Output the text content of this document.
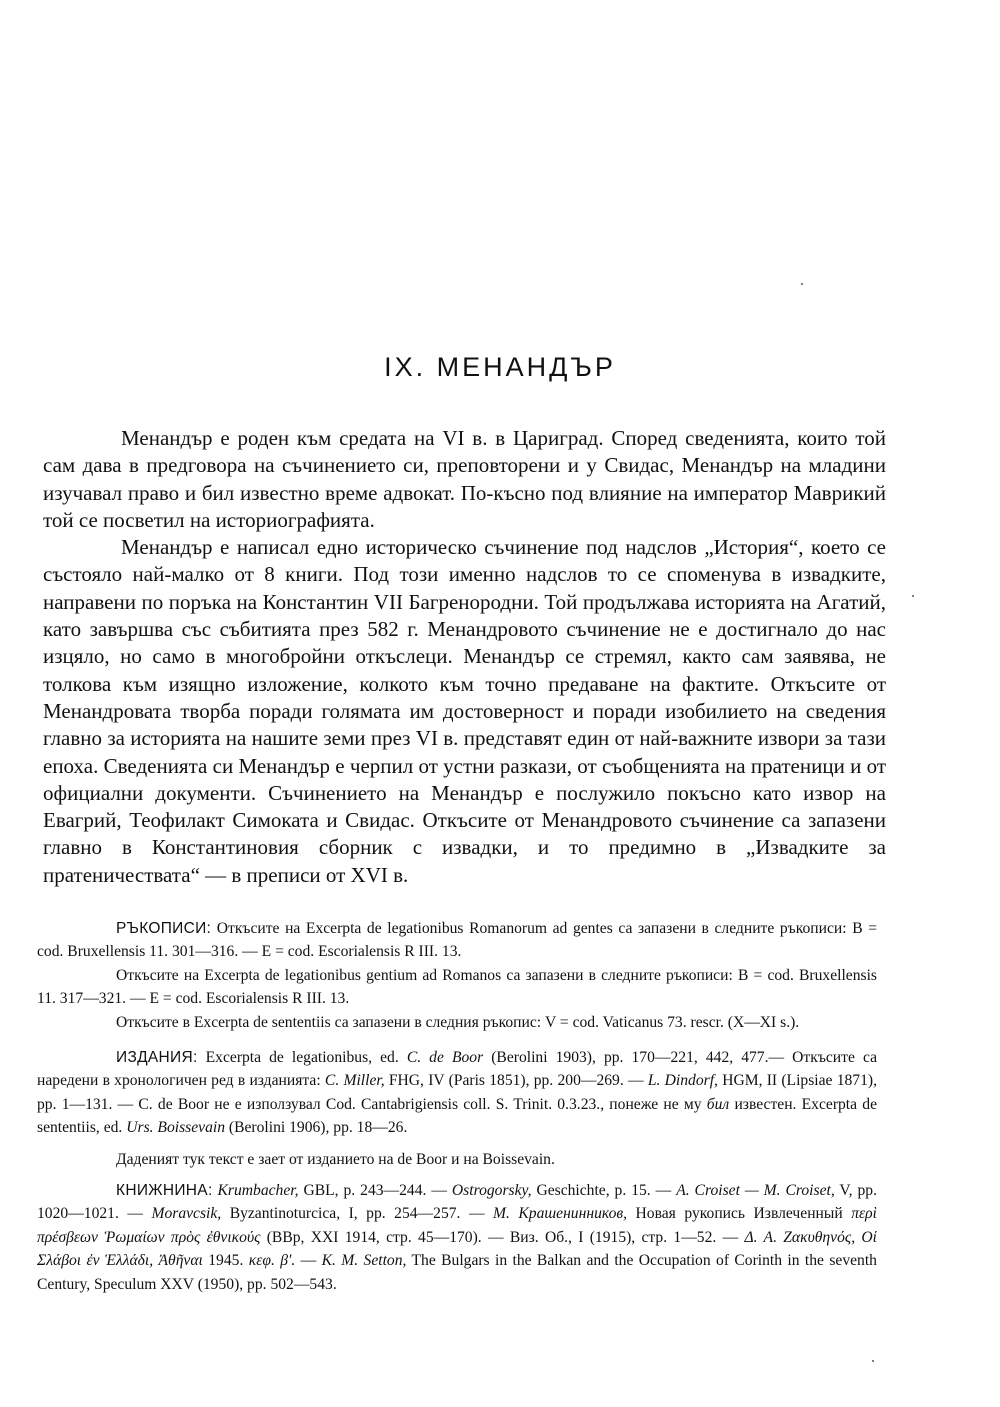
IX. МЕНАНДЪР

Менандър е роден към средата на VI в. в Цариград. Според сведенията, които той сам дава в предговора на съчинението си, преповторени и у Свидас, Менандър на младини изучавал право и бил известно време адвокат. По-късно под влияние на император Маврикий той се посветил на историографията.

Менандър е написал едно историческо съчинение под надслов „История“, което се състояло най-малко от 8 книги. Под този именно надслов то се споменува в извадките, направени по поръка на Константин VII Багренородни. Той продължава историята на Агатий, като завършва със събитията през 582 г. Менандровото съчинение не е достигнало до нас изцяло, но само в многобройни откъслеци. Менандър се стремял, както сам заявява, не толкова към изящно изложение, колкото към точно предаване на фактите. Откъсите от Менандровата творба поради голямата им достоверност и поради изобилието на сведения главно за историята на нашите земи през VI в. представят един от най-важните извори за тази епоха. Сведенията си Менандър е черпил от устни разкази, от съобщенията на пратеници и от официални документи. Съчинението на Менандър е послужило покъсно като извор на Евагрий, Теофилакт Симоката и Свидас. Откъсите от Менандровото съчинение са запазени главно в Константиновия сборник с извадки, и то предимно в „Извадките за пратеничествата“ — в преписи от XVI в.

РЪКОПИСИ: Откъсите на Excerpta de legationibus Romanorum ad gentes са запазени в следните ръкописи: B = cod. Bruxellensis 11. 301—316. — E = cod. Escorialensis R III. 13.

Откъсите на Excerpta de legationibus gentium ad Romanos са запазени в следните ръкописи: B = cod. Bruxellensis 11. 317—321. — E = cod. Escorialensis R III. 13.

Откъсите в Excerpta de sententiis са запазени в следния ръкопис: V = cod. Vaticanus 73. rescr. (X—XI s.).

ИЗДАНИЯ: Excerpta de legationibus, ed. C. de Boor (Berolini 1903), pp. 170—221, 442, 477.— Откъсите са наредени в хронологичен ред в изданията: C. Miller, FHG, IV (Paris 1851), pp. 200—269. — L. Dindorf, HGM, II (Lipsiae 1871), pp. 1—131. — C. de Boor не е използувал Cod. Cantabrigiensis coll. S. Trinit. 0.3.23., понеже не му бил известен. Excerpta de sententiis, ed. Urs. Boissevain (Berolini 1906), pp. 18—26.

Даденият тук текст е зает от изданието на de Boor и на Boissevain.

КНИЖНИНА: Krumbacher, GBL, p. 243—244. — Ostrogorsky, Geschichte, p. 15. — A. Croiset — M. Croiset, V, pp. 1020—1021. — Moravcsik, Byzantinoturcica, I, pp. 254—257. — М. Крашенинников, Новая рукопись Извлеченный περὶ πρέσβεων Ῥωμαίων πρὸς ἐθνικούς (ВВр, XXI 1914, стр. 45—170). — Виз. Об., I (1915), стр. 1—52. — Δ. Α. Ζακυθηνός, Οἱ Σλάβοι ἐν Ἑλλάδι, Ἀθῆναι 1945. κεφ. β'. — K. M. Setton, The Bulgars in the Balkan and the Occupation of Corinth in the seventh Century, Speculum XXV (1950), pp. 502—543.
